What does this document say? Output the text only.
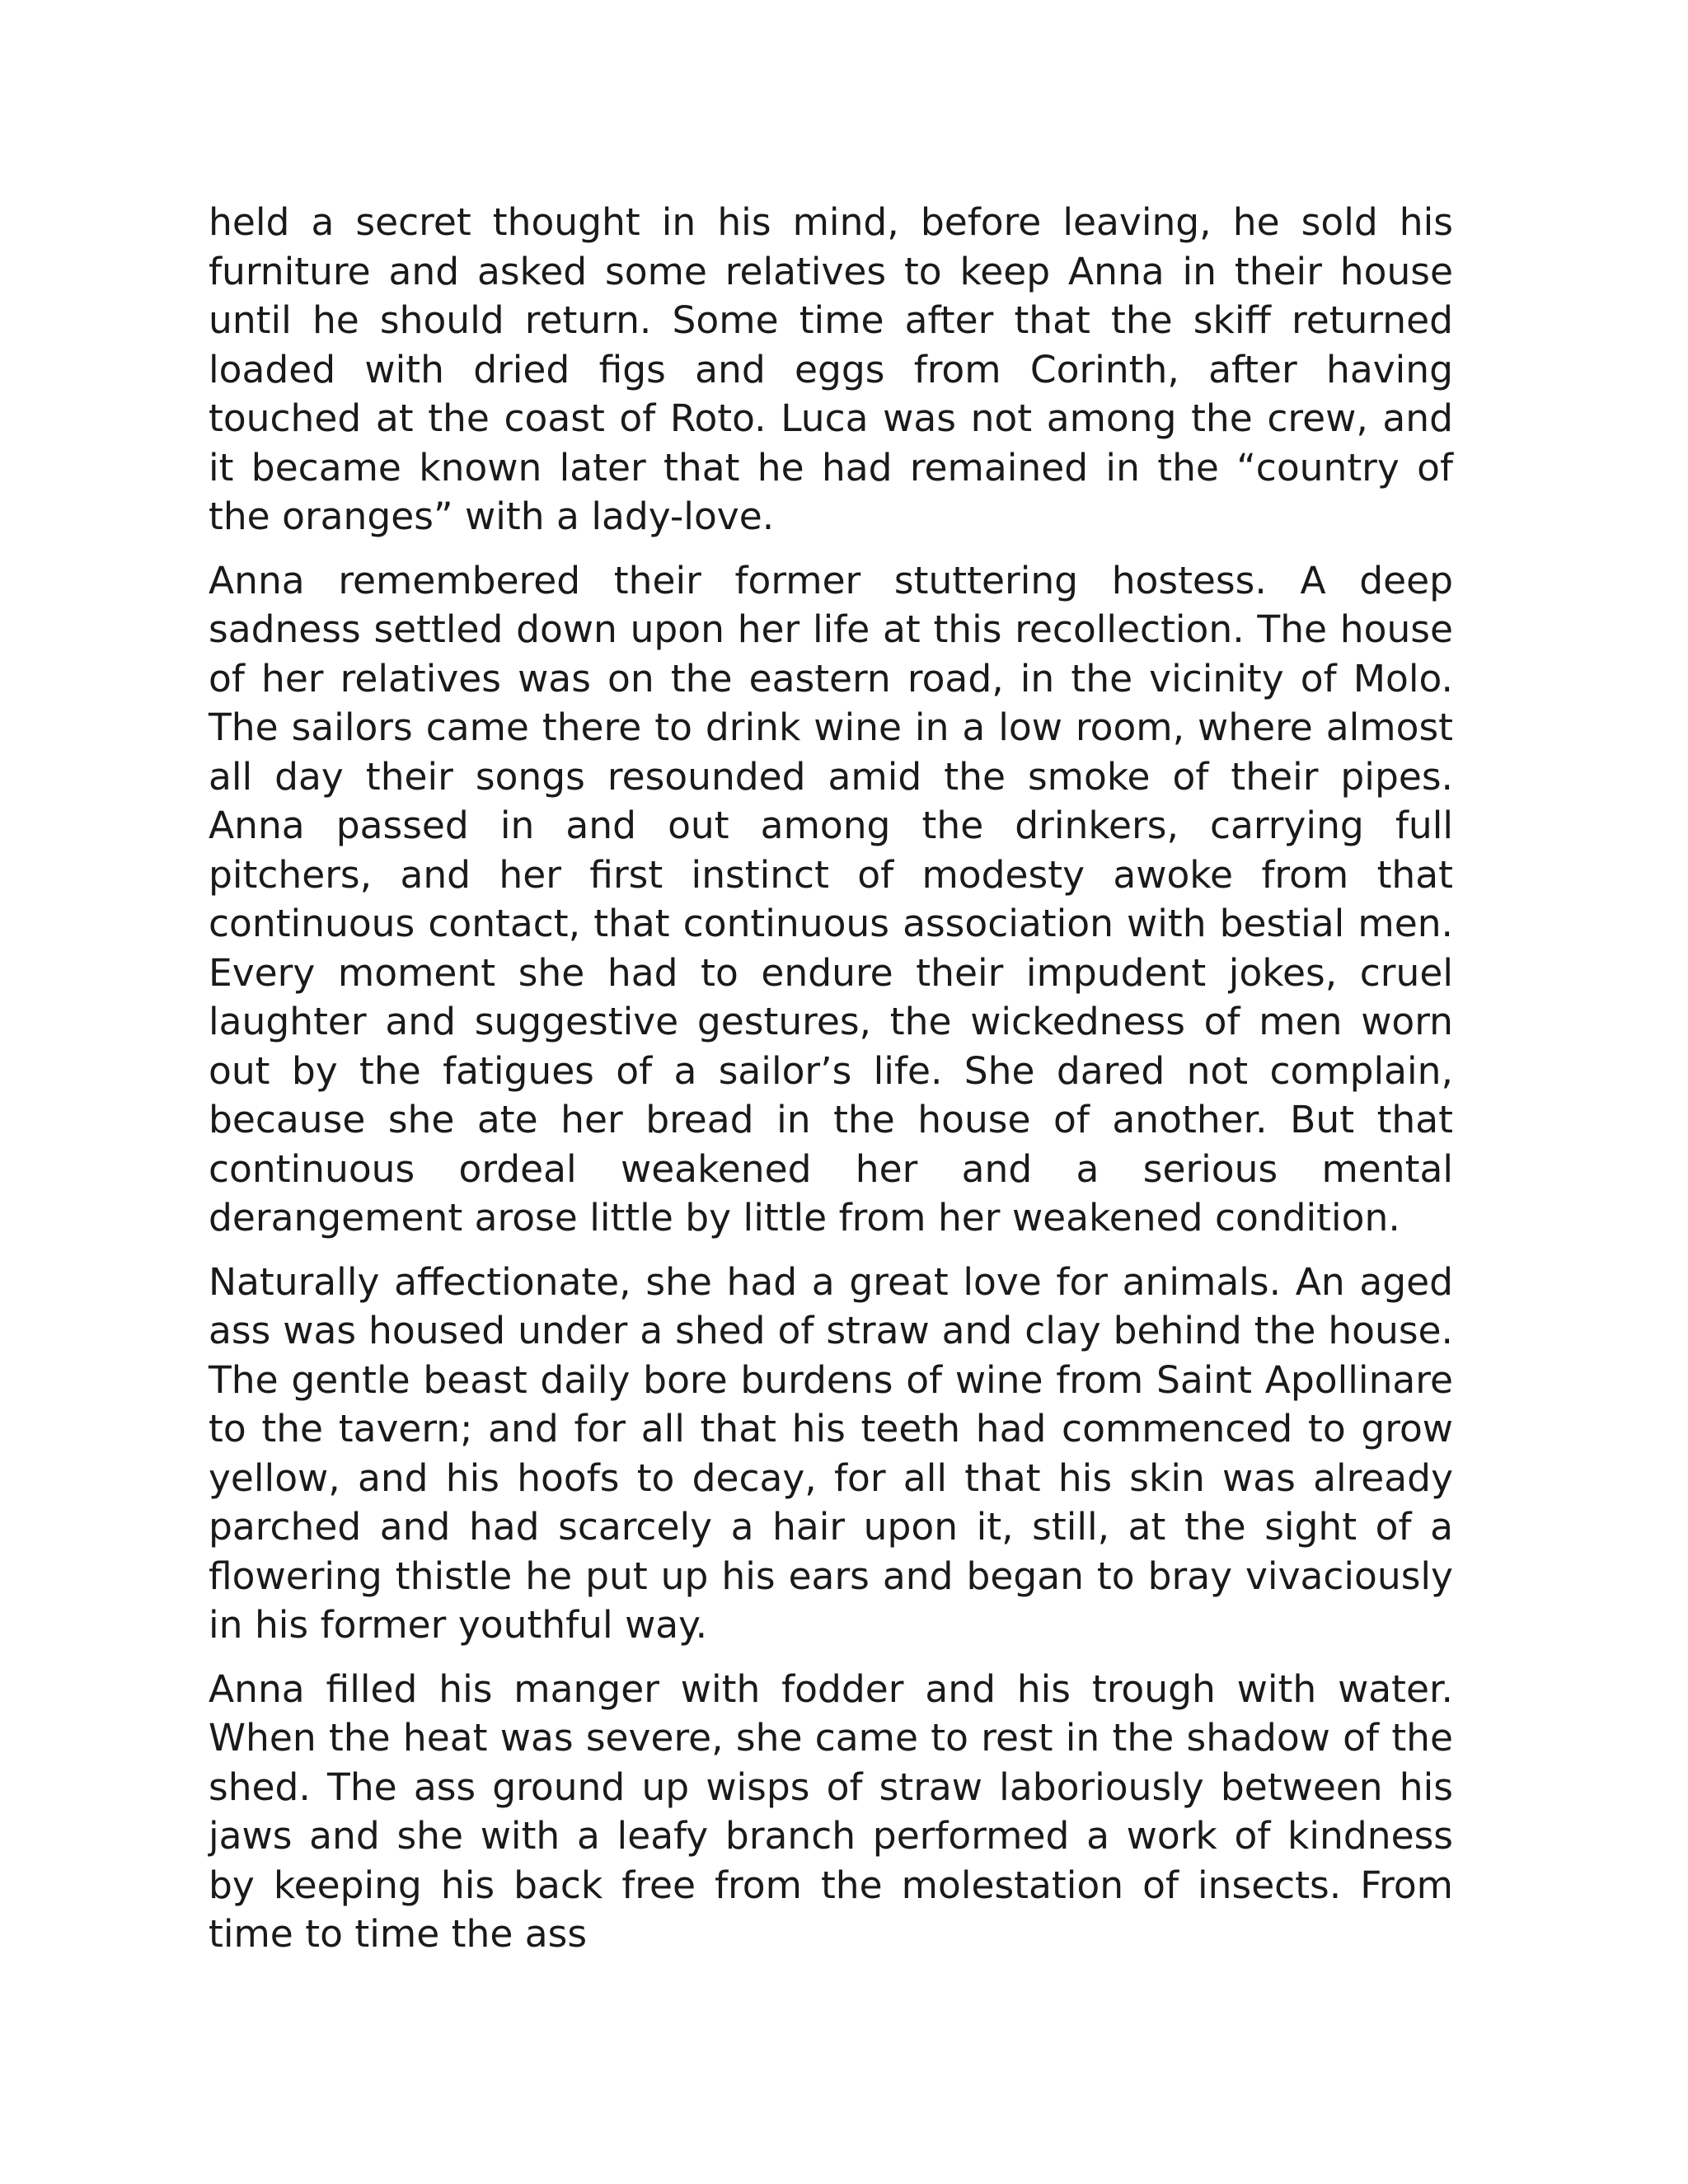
held a secret thought in his mind, before leaving, he sold his furniture and asked some relatives to keep Anna in their house until he should return. Some time after that the skiff returned loaded with dried figs and eggs from Corinth, after having touched at the coast of Roto. Luca was not among the crew, and it became known later that he had remained in the “country of the oranges” with a lady-love.

Anna remembered their former stuttering hostess. A deep sadness settled down upon her life at this recollection. The house of her relatives was on the eastern road, in the vicinity of Molo. The sailors came there to drink wine in a low room, where almost all day their songs resounded amid the smoke of their pipes. Anna passed in and out among the drinkers, carrying full pitchers, and her first instinct of modesty awoke from that continuous contact, that continuous association with bestial men. Every moment she had to endure their impudent jokes, cruel laughter and suggestive gestures, the wickedness of men worn out by the fatigues of a sailor’s life. She dared not complain, because she ate her bread in the house of another. But that continuous ordeal weakened her and a serious mental derangement arose little by little from her weakened condition.

Naturally affectionate, she had a great love for animals. An aged ass was housed under a shed of straw and clay behind the house. The gentle beast daily bore burdens of wine from Saint Apollinare to the tavern; and for all that his teeth had commenced to grow yellow, and his hoofs to decay, for all that his skin was already parched and had scarcely a hair upon it, still, at the sight of a flowering thistle he put up his ears and began to bray vivaciously in his former youthful way.

Anna filled his manger with fodder and his trough with water. When the heat was severe, she came to rest in the shadow of the shed. The ass ground up wisps of straw laboriously between his jaws and she with a leafy branch performed a work of kindness by keeping his back free from the molestation of insects. From time to time the ass
